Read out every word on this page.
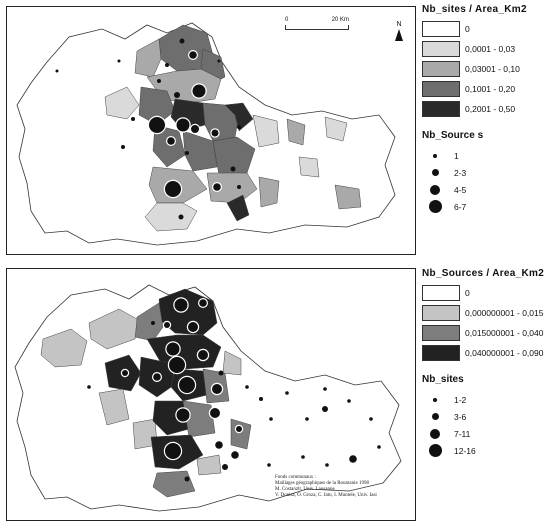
0	20 Km
N
Nb_sites / Area_Km2
0
0,0001 - 0,03
0,03001 - 0,10
0,1001 - 0,20
0,2001 - 0,50
Nb_Source s
1
2-3
4-5
6-7
Fonds communaux :
Maillages géographiques de la Roumanie 1998
M. Costanzlt, Univ. Lausanne
V. Donisa, O. Groza, C. Iatu, I. Muntele, Univ. Iasi
Nb_Sources / Area_Km2
0
0,000000001 - 0,015
0,015000001 - 0,040
0,040000001 - 0,090
Nb_sites
1-2
3-6
7-11
12-16
